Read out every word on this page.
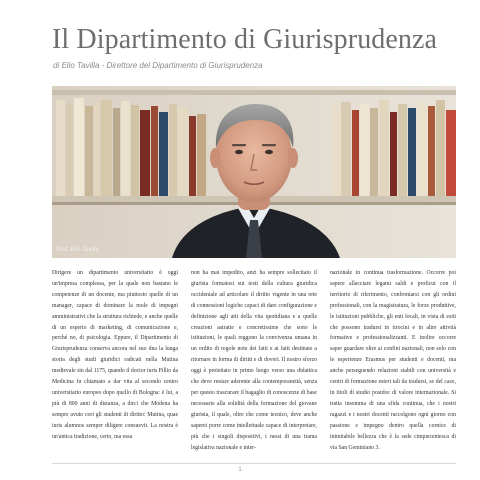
Il Dipartimento di Giurisprudenza
di Elio Tavilla - Direttore del Dipartimento di Giurisprudenza
Prof. Elio Tavilla

Dirigere un dipartimento universitario è oggi un'impresa complessa, per la quale non bastano le competenze di un docente, ma piuttosto quelle di un manager, capace di dominare la mole di impegni amministrativi che la struttura richiede, e anche quelle di un esperto di marketing, di comunicazione e, perché no, di psicologia. Eppure, il Dipartimento di Giurisprudenza conserva ancora nel suo dna la lunga storia degli studi giuridici radicati nella Mutina medievale sin dal 1175, quando il doctor iuris Pillio da Medicina fu chiamato a dar vita al secondo centro universitario europeo dopo quello di Bologna: è lui, a più di 800 anni di distanza, a dirci che Modena ha sempre avuto cori gli studenti di diritto: Mutina, quae iuris alumnos semper diligere consuevit. La nostra è un'antica tradizione, certo, ma essa

non ha mai impedito, anzi ha sempre sollecitato il giurista formatosi sui testi della cultura giuridica occidentale ad articolare il diritto vigente in una rete di connessioni logiche capaci di dare configurazione e definizione agli atti della vita quotidiana e a quelle creazioni astratte e concretissime che sono le istituzioni, le quali reggono la convivenza umana in un ordito di regole note dei fatti e ai fatti destinate a ritornare in forma di diritti e di doveri. Il nostro sforzo oggi è proiettato in primo luogo verso una didattica che deve restare aderente alla contemporaneità, senza per questo trascurare il bagaglio di conoscenze di base necessarie alla solidità della formazione del giovane giurista, il quale, oltre che come tecnico, deve anche saperei porre come intellettuale capace di interpretare, più che i singoli dispositivi, i nessi di una trama legislativa nazionale e inter-

nazionale in continua trasformazione. Occorre poi sapere allacciare legami saldi e proficui con il territorio di riferimento, confrontarsi con gli ordini professionali, con la magistratura, le forze produttive, le istituzioni pubbliche, gli enti locali, in vista di esiti che possono tradursi in tirocini e in altre attività formative e professionalizzanti. E inoltre occorre saper guardare oltre ai confini nazionali, non solo con le esperienze Erasmus per studenti e docenti, ma anche perseguendo relazioni stabili con università e centri di formazione esteri tali da tradursi, se del caso, in titoli di studio postdoc di valore internazionale. Si tratta insomma di una sfida continua, che i nostri ragazzi e i nostri docenti raccolgono ogni giorno con passione e impegno dentro quella cornice di inimitabile bellezza che è la sede cinquecentesca di via San Geminiano 3.

1
